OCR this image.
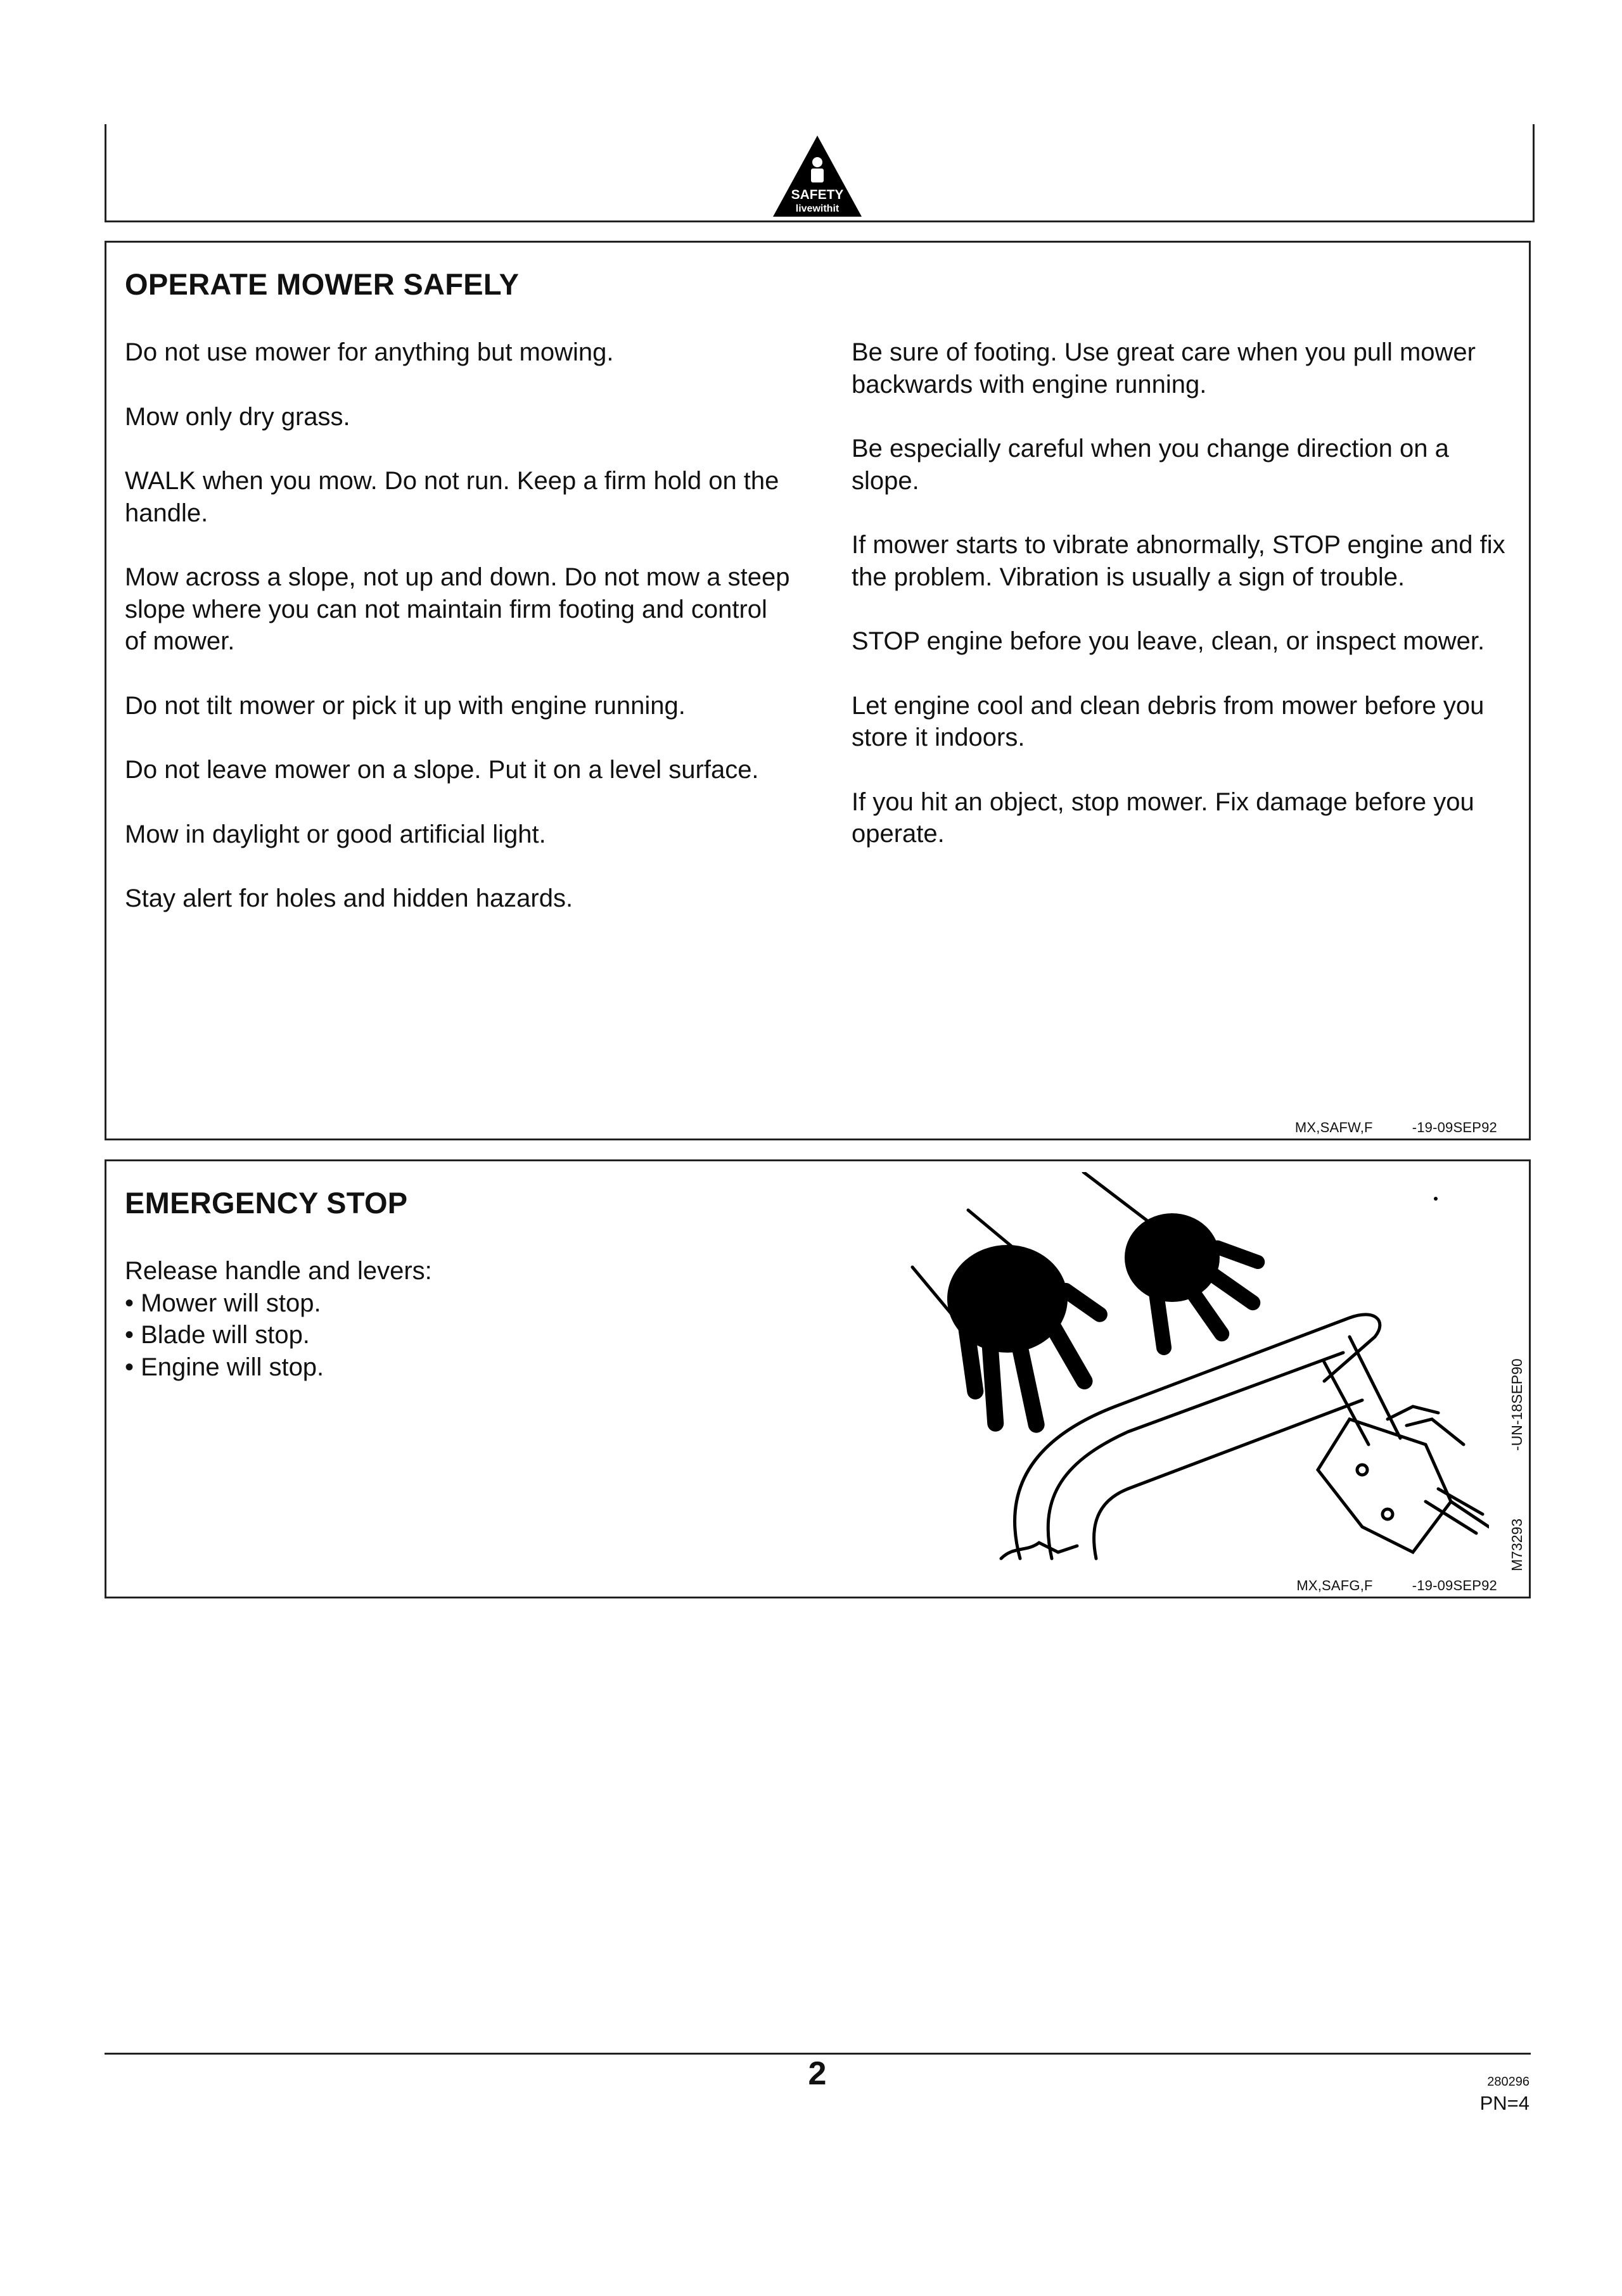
SAFETY
livewithit
OPERATE MOWER SAFELY

Do not use mower for anything but mowing.

Mow only dry grass.

WALK when you mow. Do not run. Keep a firm hold on the handle.

Mow across a slope, not up and down. Do not mow a steep slope where you can not maintain firm footing and control of mower.

Do not tilt mower or pick it up with engine running.

Do not leave mower on a slope. Put it on a level surface.

Mow in daylight or good artificial light.

Stay alert for holes and hidden hazards.

Be sure of footing. Use great care when you pull mower backwards with engine running.

Be especially careful when you change direction on a slope.

If mower starts to vibrate abnormally, STOP engine and fix the problem. Vibration is usually a sign of trouble.

STOP engine before you leave, clean, or inspect mower.

Let engine cool and clean debris from mower before you store it indoors.

If you hit an object, stop mower. Fix damage before you operate.

MX,SAFW,F	-19-09SEP92
EMERGENCY STOP
Release handle and levers:
• Mower will stop.
• Blade will stop.
• Engine will stop.
MX,SAFG,F	-19-09SEP92
M73293
-UN-18SEP90
2	280296
PN=4
